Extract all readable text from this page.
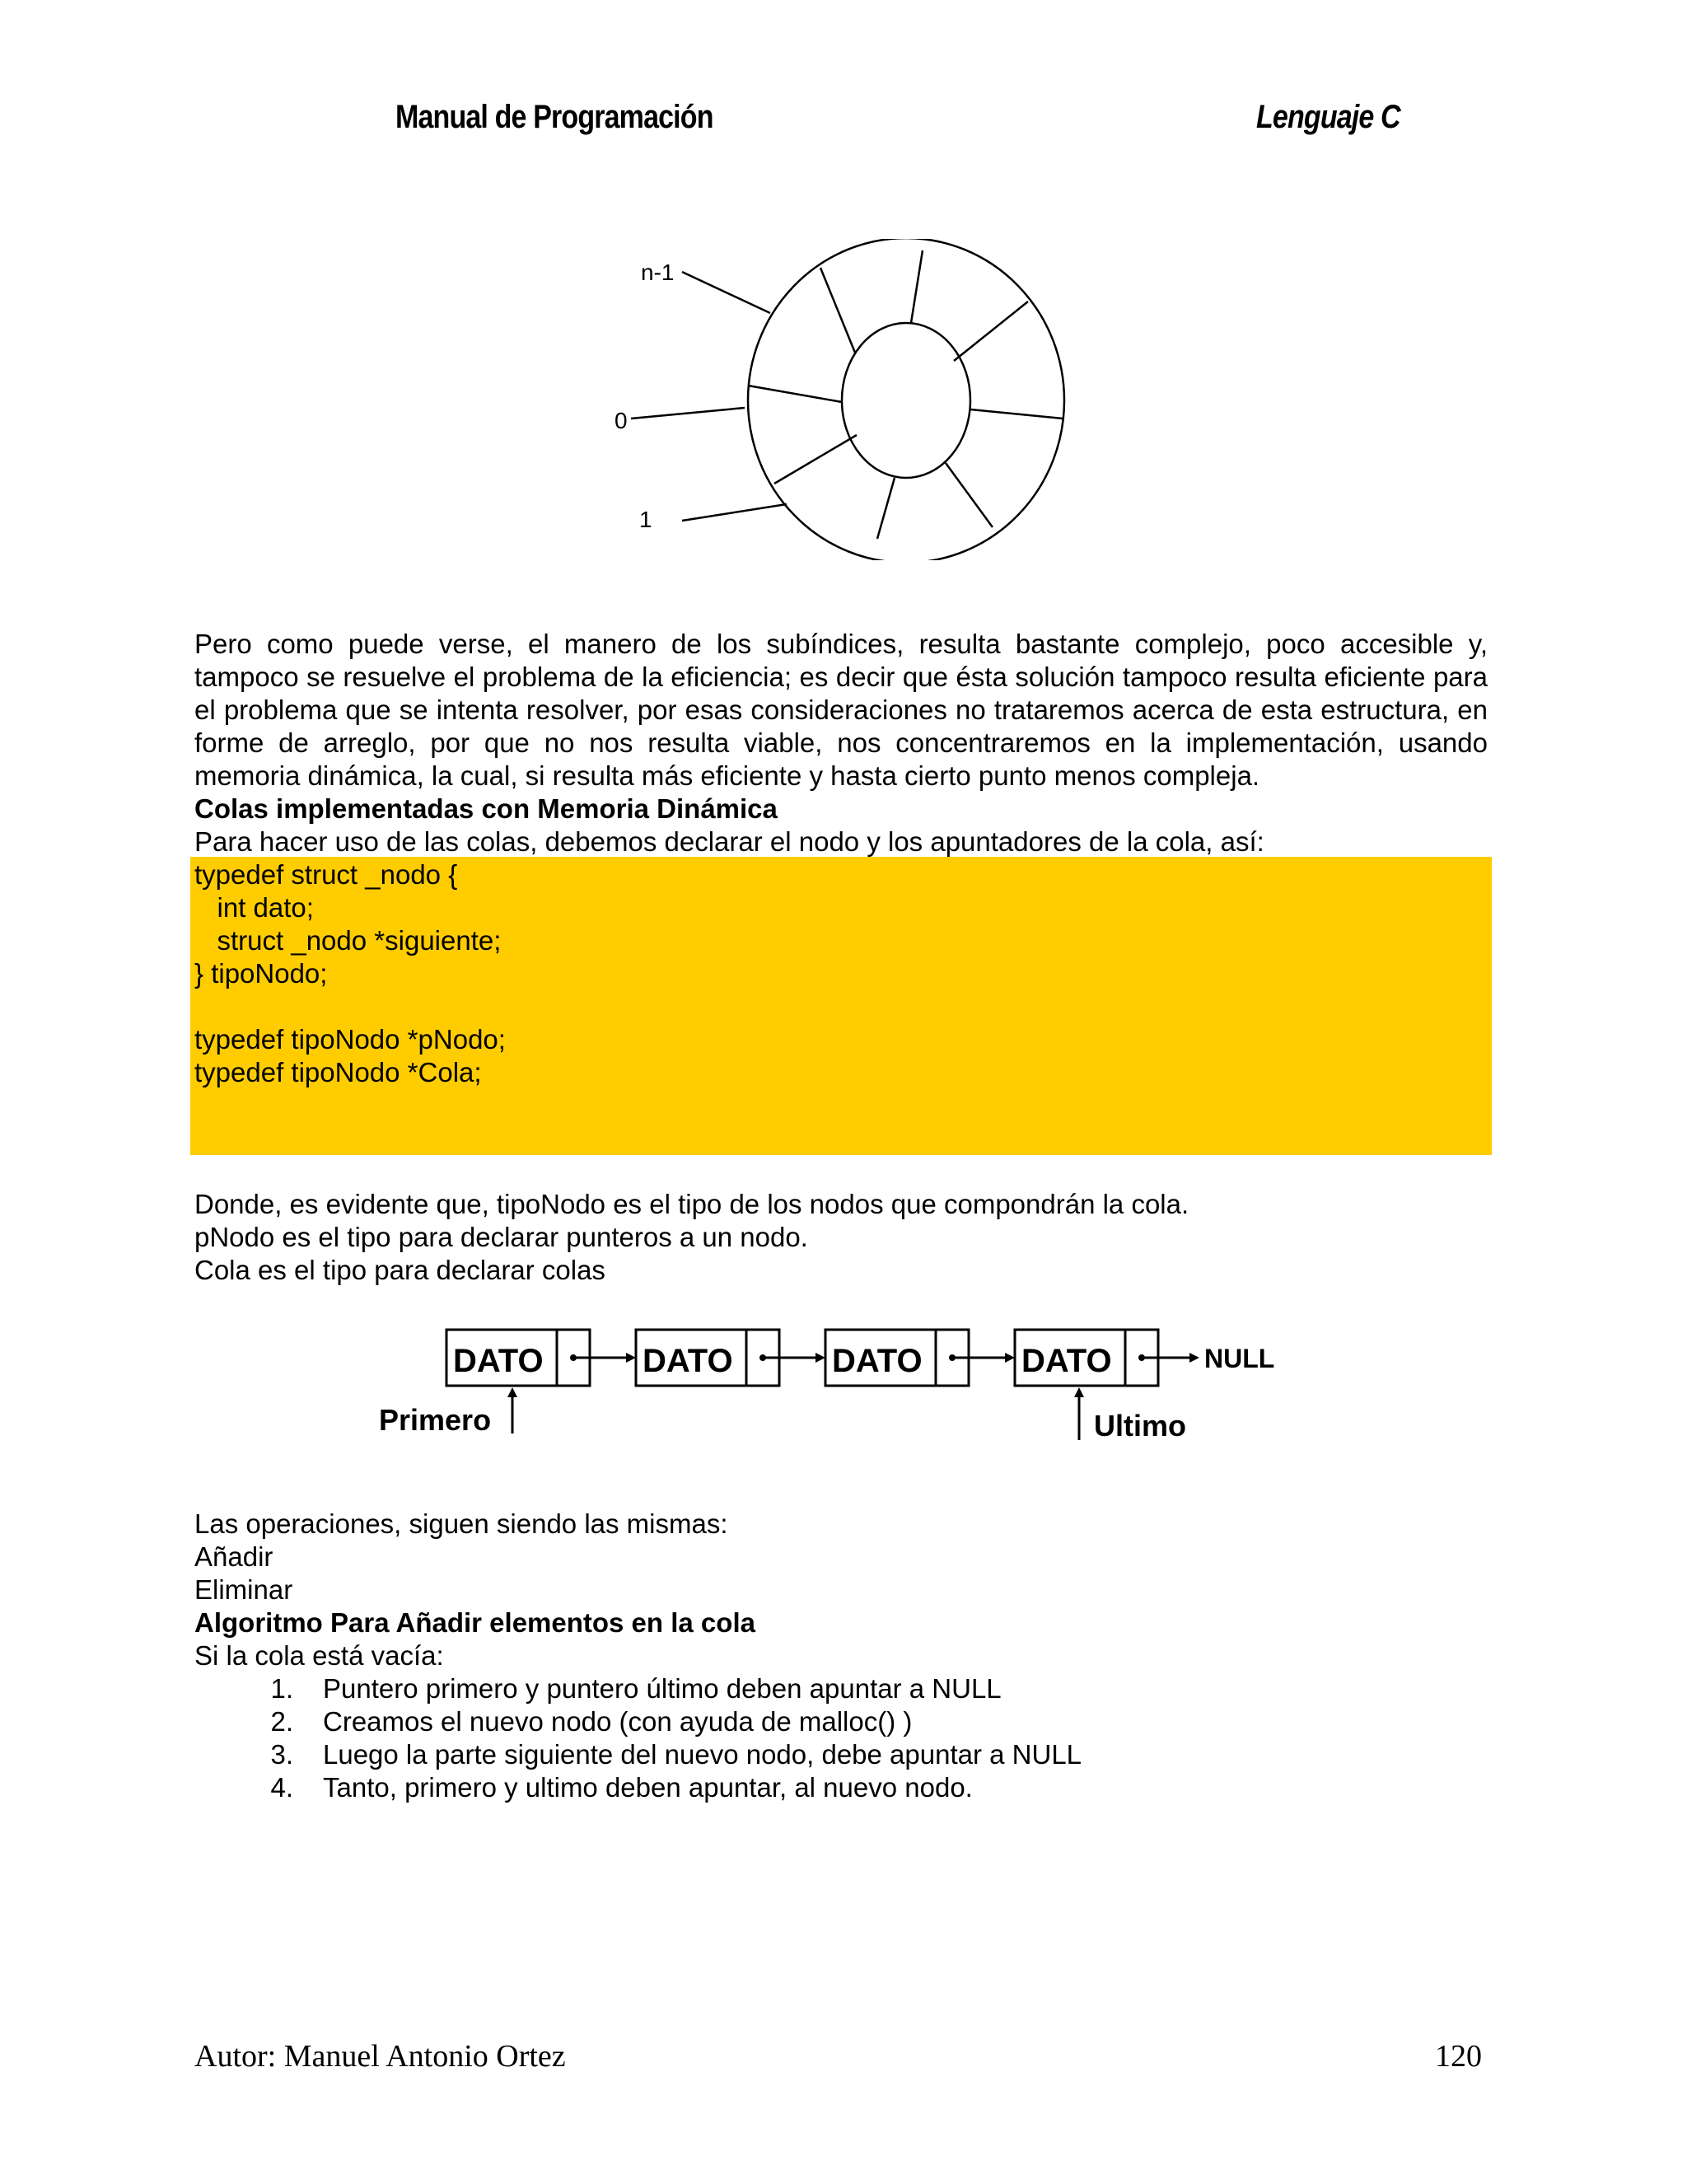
Manual de Programación	Lenguaje C
n-1
0
1
Pero como puede verse, el manero de los subíndices, resulta bastante complejo, poco accesible y, tampoco se resuelve el problema de la eficiencia; es decir que ésta solución tampoco resulta eficiente para el problema que se intenta resolver, por esas consideraciones no trataremos acerca de esta estructura, en forme de arreglo, por que no nos resulta viable, nos concentraremos en la implementación, usando memoria dinámica, la cual, si resulta más eficiente y hasta cierto punto menos compleja.
Colas implementadas con Memoria Dinámica
Para hacer uso de las colas, debemos declarar el nodo y los apuntadores de la cola, así:
typedef struct _nodo {
int dato;
struct _nodo *siguiente;
} tipoNodo;
typedef tipoNodo *pNodo;
typedef tipoNodo *Cola;
Donde, es evidente que, tipoNodo es el tipo de los nodos que compondrán la cola.
pNodo es el tipo para declarar punteros a un nodo.
Cola es el tipo para declarar colas
DATO	DATO	DATO	DATO	NULL
Primero	Ultimo
Las operaciones, siguen siendo las mismas:
Añadir
Eliminar
Algoritmo Para Añadir elementos en la cola
Si la cola está vacía:
1.	Puntero primero y puntero último deben apuntar a NULL
2.	Creamos el nuevo nodo (con ayuda de malloc() )
3.	Luego la parte siguiente del nuevo nodo, debe apuntar a NULL
4.	Tanto, primero y ultimo deben apuntar, al nuevo nodo.
Autor: Manuel Antonio Ortez	120
